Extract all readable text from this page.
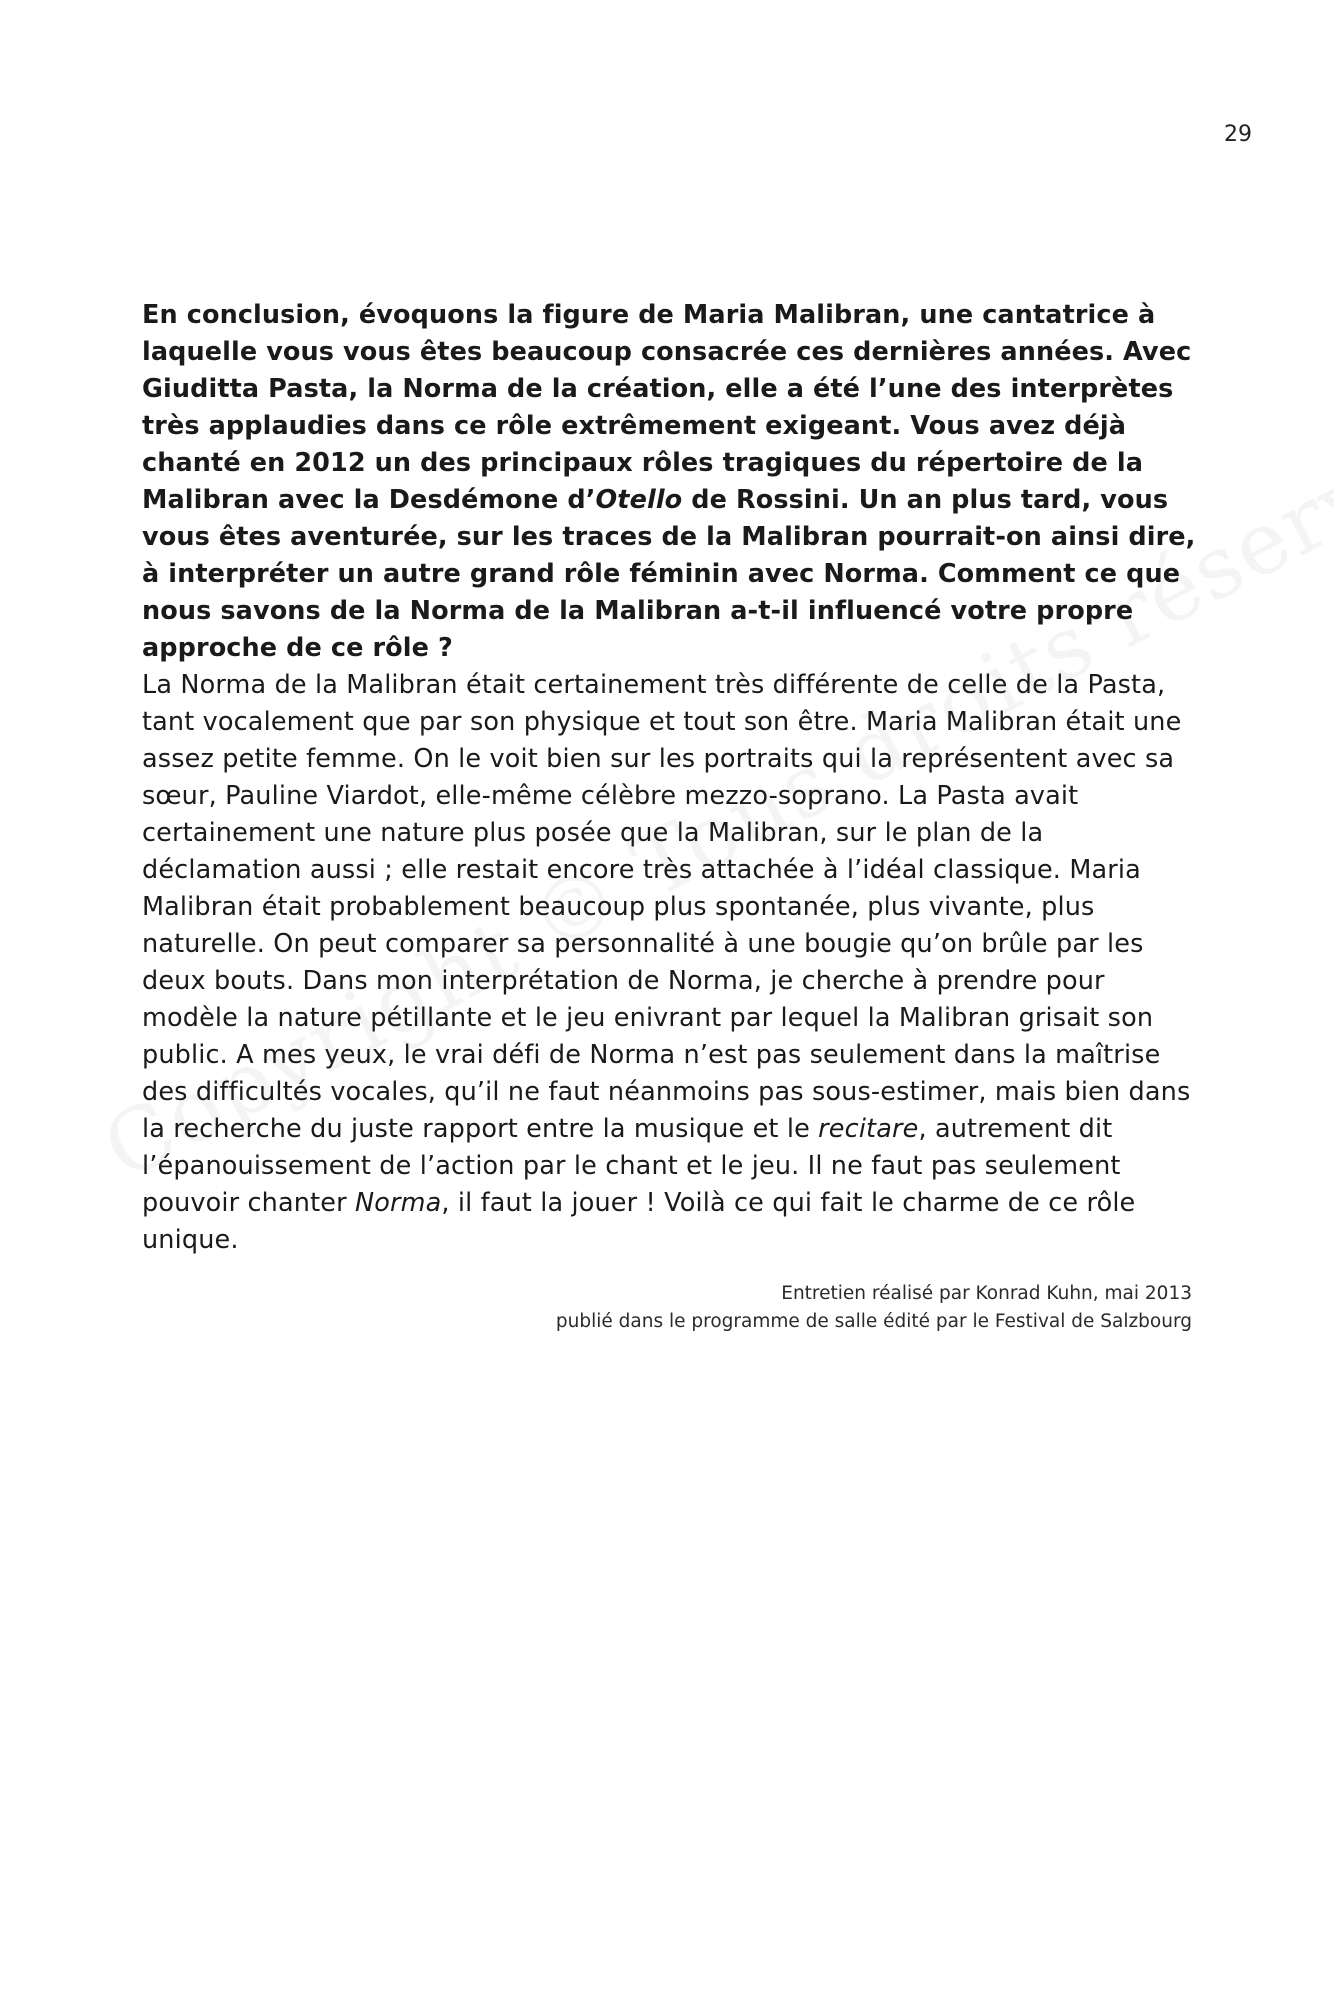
29

En conclusion, évoquons la figure de Maria Malibran, une cantatrice à laquelle vous vous êtes beaucoup consacrée ces dernières années. Avec Giuditta Pasta, la Norma de la création, elle a été l’une des interprètes très applaudies dans ce rôle extrêmement exigeant. Vous avez déjà chanté en 2012 un des principaux rôles tragiques du répertoire de la Malibran avec la Desdémone d’Otello de Rossini. Un an plus tard, vous vous êtes aventurée, sur les traces de la Malibran pourrait-on ainsi dire, à interpréter un autre grand rôle féminin avec Norma. Comment ce que nous savons de la Norma de la Malibran a-t-il influencé votre propre approche de ce rôle ?

La Norma de la Malibran était certainement très différente de celle de la Pasta, tant vocalement que par son physique et tout son être. Maria Malibran était une assez petite femme. On le voit bien sur les portraits qui la représentent avec sa sœur, Pauline Viardot, elle-même célèbre mezzo-soprano. La Pasta avait certainement une nature plus posée que la Malibran, sur le plan de la déclamation aussi ; elle restait encore très attachée à l’idéal classique. Maria Malibran était probablement beaucoup plus spontanée, plus vivante, plus naturelle. On peut comparer sa personnalité à une bougie qu’on brûle par les deux bouts. Dans mon interprétation de Norma, je cherche à prendre pour modèle la nature pétillante et le jeu enivrant par lequel la Malibran grisait son public. A mes yeux, le vrai défi de Norma n’est pas seulement dans la maîtrise des difficultés vocales, qu’il ne faut néanmoins pas sous-estimer, mais bien dans la recherche du juste rapport entre la musique et le recitare, autrement dit l’épanouissement de l’action par le chant et le jeu. Il ne faut pas seulement pouvoir chanter Norma, il faut la jouer ! Voilà ce qui fait le charme de ce rôle unique.

Entretien réalisé par Konrad Kuhn, mai 2013
publié dans le programme de salle édité par le Festival de Salzbourg
